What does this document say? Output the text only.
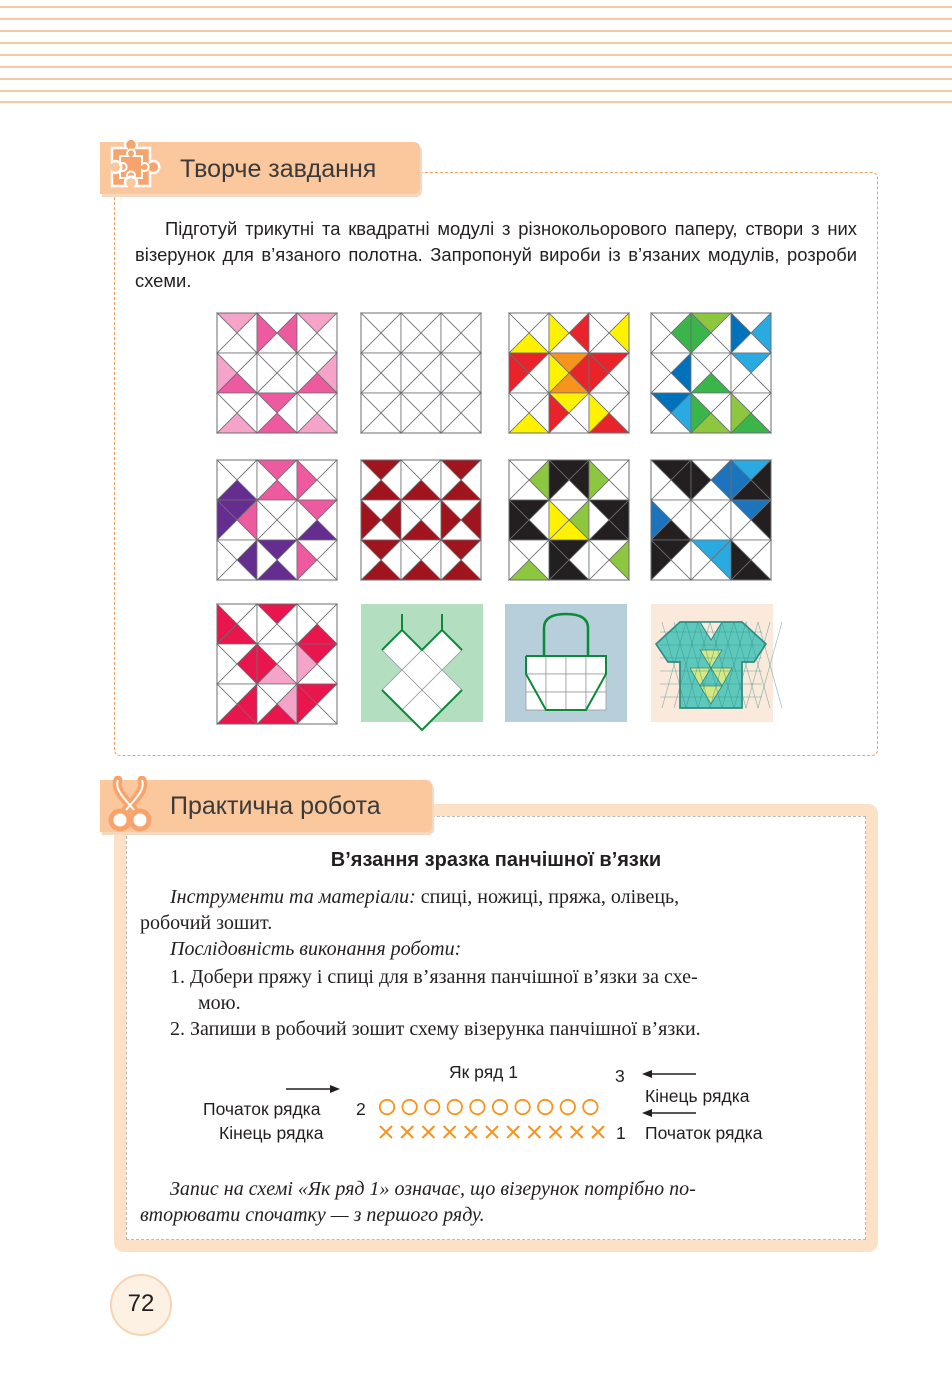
Творче завдання
Підготуй трикутні та квадратні модулі з різнокольорового паперу, створи з них візерунок для в’язаного полотна. Запропонуй вироби із в’язаних модулів, розроби схеми.
Практична робота
В’язання зразка панчішної в’язки
Інструменти та матеріали: спиці, ножиці, пряжа, олівець,
робочий зошит.
Послідовність виконання роботи:
1. Добери пряжу і спиці для в’язання панчішної в’язки за схе-
мою.
2. Запиши в робочий зошит схему візерунка панчішної в’язки.
Як ряд 1	3
Початок рядка 2
Кінець рядка	1
Кінець рядка
Початок рядка
Запис на схемі «Як ряд 1» означає, що візерунок потрібно по-
вторювати спочатку — з першого ряду.
72
